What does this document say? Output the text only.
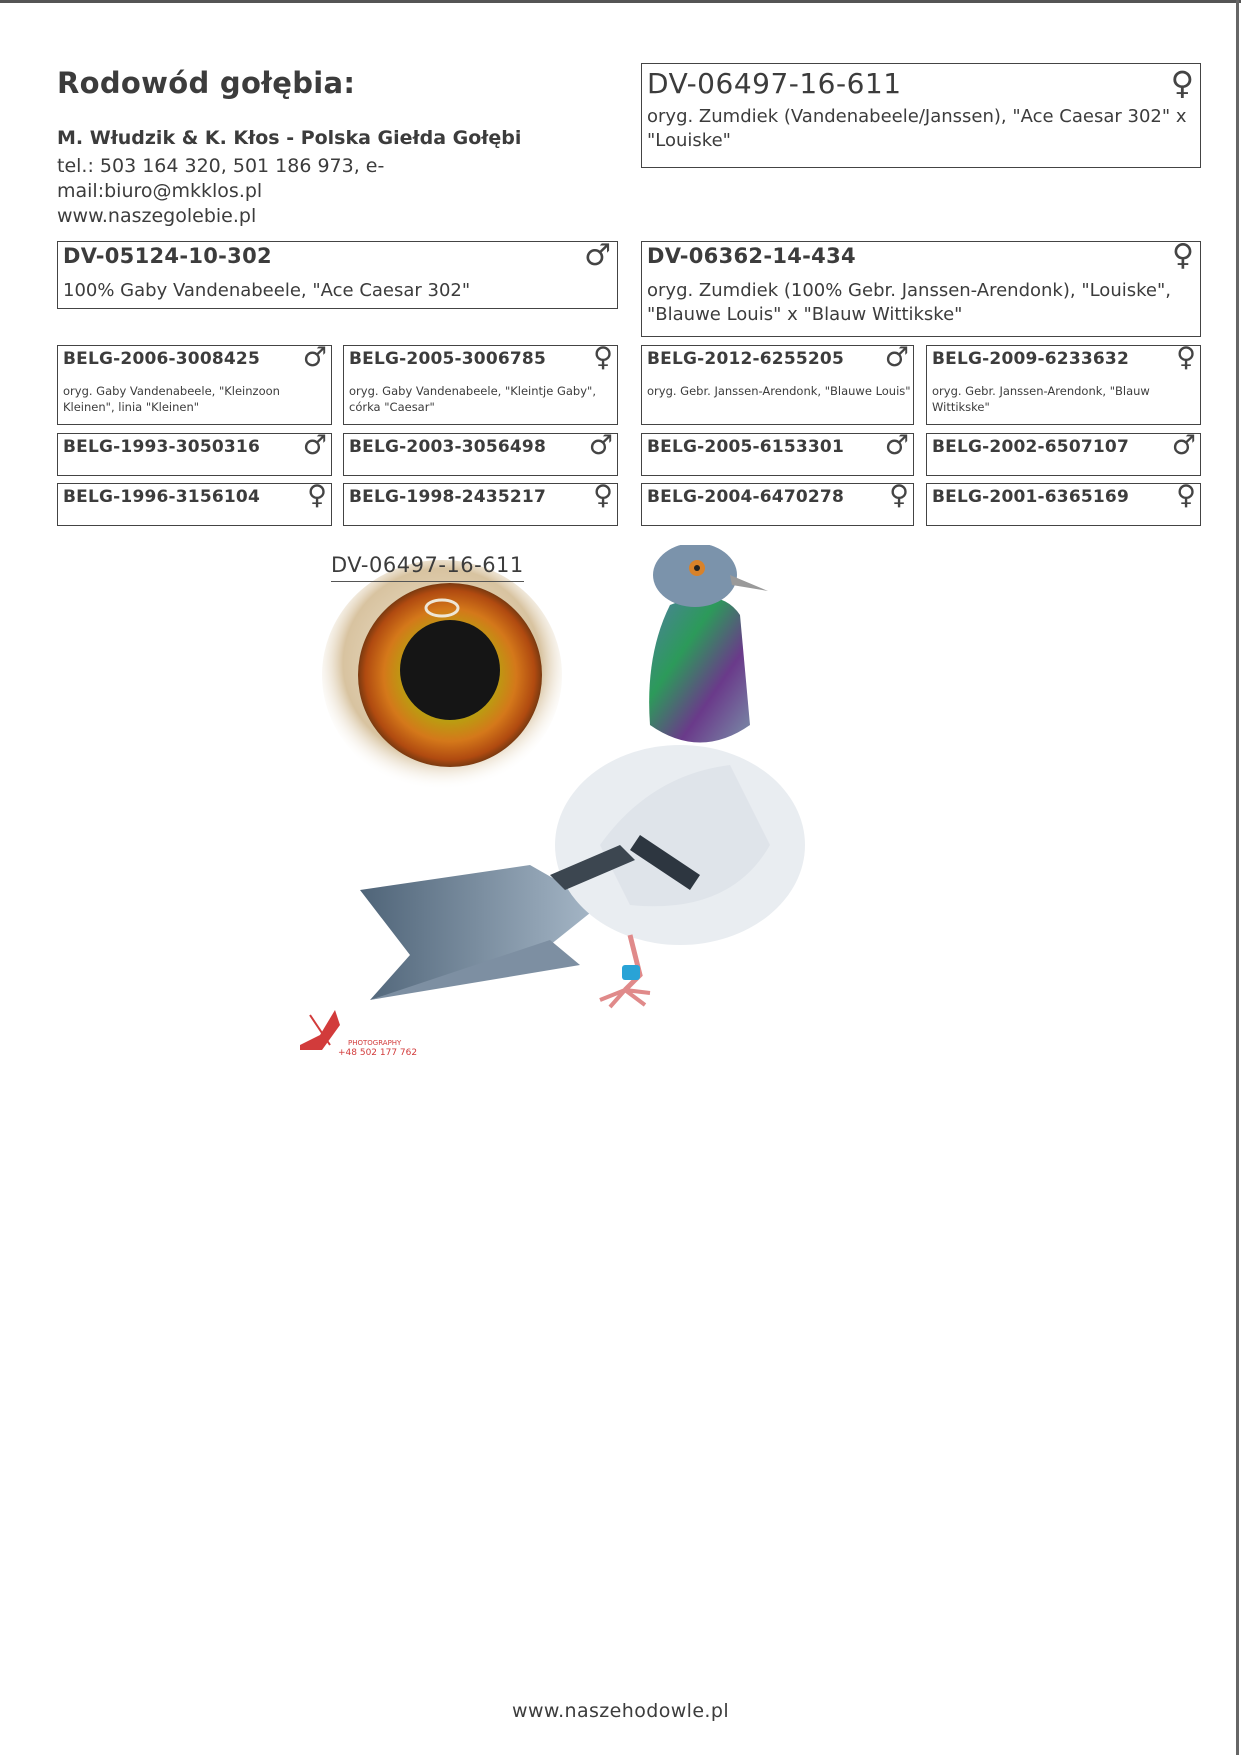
Rodowód gołębia:
M. Włudzik & K. Kłos - Polska Giełda Gołębi
tel.: 503 164 320, 501 186 973, e-
mail:biuro@mkklos.pl
www.naszegolebie.pl
DV-06497-16-611	♀
oryg. Zumdiek (Vandenabeele/Janssen), "Ace Caesar 302" x "Louiske"
DV-05124-10-302	♂
100% Gaby Vandenabeele, "Ace Caesar 302"
DV-06362-14-434	♀
oryg. Zumdiek (100% Gebr. Janssen-Arendonk), "Louiske", "Blauwe Louis" x "Blauw Wittikske"
BELG-2006-3008425 ♂
oryg. Gaby Vandenabeele, "Kleinzoon Kleinen", linia "Kleinen"
BELG-2005-3006785 ♀
oryg. Gaby Vandenabeele, "Kleintje Gaby", córka "Caesar"
BELG-2012-6255205 ♂
oryg. Gebr. Janssen-Arendonk, "Blauwe Louis"
BELG-2009-6233632 ♀
oryg. Gebr. Janssen-Arendonk, "Blauw Wittikske"
BELG-1993-3050316 ♂ BELG-2003-3056498 ♂ BELG-2005-6153301 ♂ BELG-2002-6507107 ♂
BELG-1996-3156104 ♀ BELG-1998-2435217 ♀ BELG-2004-6470278 ♀ BELG-2001-6365169 ♀
PHOTOGRAPHY
+48 502 177 762
DV-06497-16-611
www.naszehodowle.pl
